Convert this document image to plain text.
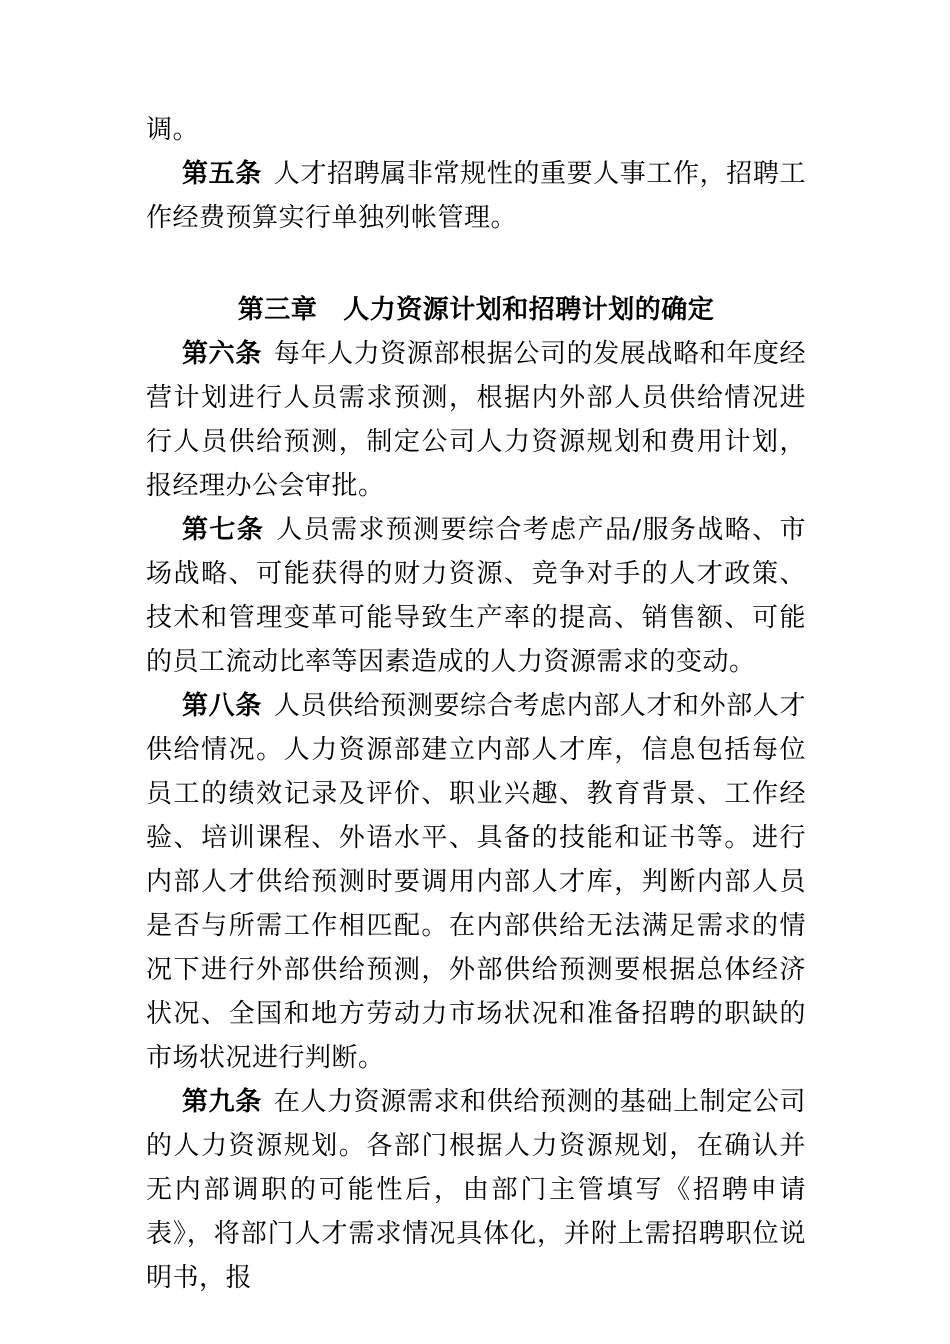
调。

第五条 人才招聘属非常规性的重要人事工作，招聘工作经费预算实行单独列帐管理。

第三章 人力资源计划和招聘计划的确定

第六条 每年人力资源部根据公司的发展战略和年度经营计划进行人员需求预测，根据内外部人员供给情况进行人员供给预测，制定公司人力资源规划和费用计划，报经理办公会审批。

第七条 人员需求预测要综合考虑产品/服务战略、市场战略、可能获得的财力资源、竞争对手的人才政策、技术和管理变革可能导致生产率的提高、销售额、可能的员工流动比率等因素造成的人力资源需求的变动。

第八条 人员供给预测要综合考虑内部人才和外部人才供给情况。人力资源部建立内部人才库，信息包括每位员工的绩效记录及评价、职业兴趣、教育背景、工作经验、培训课程、外语水平、具备的技能和证书等。进行内部人才供给预测时要调用内部人才库，判断内部人员是否与所需工作相匹配。在内部供给无法满足需求的情况下进行外部供给预测，外部供给预测要根据总体经济状况、全国和地方劳动力市场状况和准备招聘的职缺的市场状况进行判断。

第九条 在人力资源需求和供给预测的基础上制定公司的人力资源规划。各部门根据人力资源规划，在确认并无内部调职的可能性后，由部门主管填写《招聘申请表》，将部门人才需求情况具体化，并附上需招聘职位说明书，报
